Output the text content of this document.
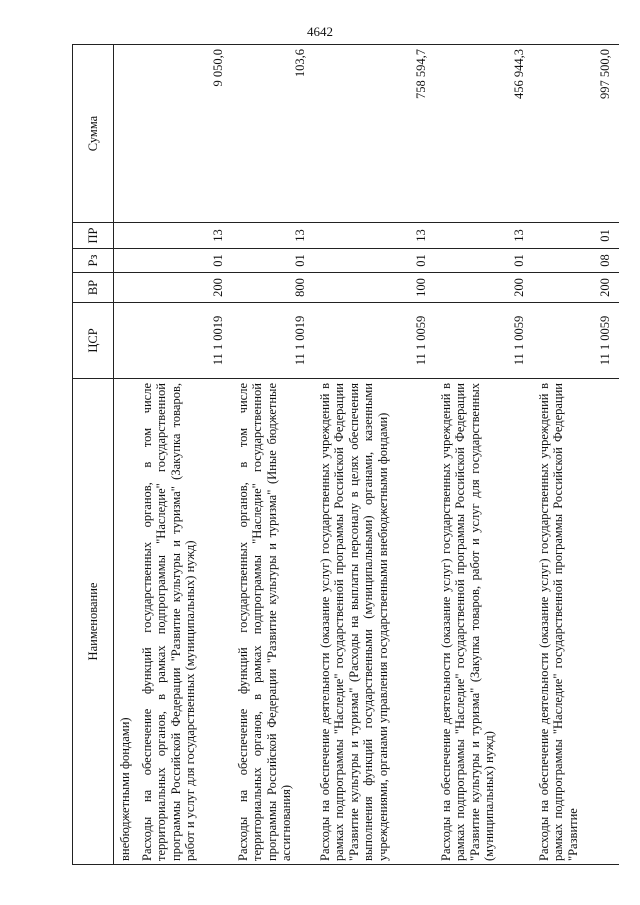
4642
Наименование	ЦСР	ВР	Рз	ПР	Сумма
внебюджетными фондами)					
Расходы на обеспечение функций государственных органов, в том числе территориальных органов, в рамках подпрограммы "Наследие" государственной программы Российской Федерации "Развитие культуры и туризма" (Закупка товаров, работ и услуг для государственных (муниципальных) нужд)	11 1 0019	200	01	13	9 050,0
Расходы на обеспечение функций государственных органов, в том числе территориальных органов, в рамках подпрограммы "Наследие" государственной программы Российской Федерации "Развитие культуры и туризма" (Иные бюджетные ассигнования)	11 1 0019	800	01	13	103,6
Расходы на обеспечение деятельности (оказание услуг) государственных учреждений в рамках подпрограммы "Наследие" государственной программы Российской Федерации "Развитие культуры и туризма" (Расходы на выплаты персоналу в целях обеспечения выполнения функций государственными (муниципальными) органами, казенными учреждениями, органами управления государственными внебюджетными фондами)	11 1 0059	100	01	13	758 594,7
Расходы на обеспечение деятельности (оказание услуг) государственных учреждений в рамках подпрограммы "Наследие" государственной программы Российской Федерации "Развитие культуры и туризма" (Закупка товаров, работ и услуг для государственных (муниципальных) нужд)	11 1 0059	200	01	13	456 944,3
Расходы на обеспечение деятельности (оказание услуг) государственных учреждений в рамках подпрограммы "Наследие" государственной программы Российской Федерации "Развитие	11 1 0059	200	08	01	997 500,0
